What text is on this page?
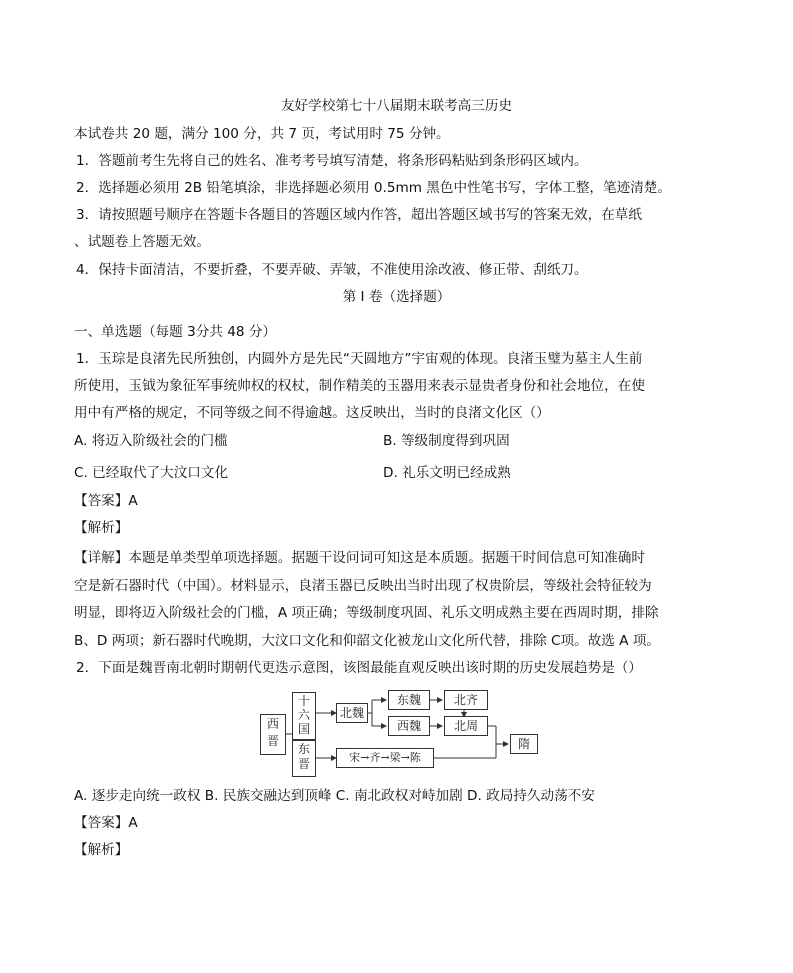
友好学校第七十八届期末联考高三历史
本试卷共 20 题，满分 100 分，共 7 页，考试用时 75 分钟。
1．答题前考生先将自己的姓名、准考考号填写清楚，将条形码粘贴到条形码区域内。
2．选择题必须用 2B 铅笔填涂，非选择题必须用 0.5mm 黑色中性笔书写，字体工整，笔迹清楚。
3．请按照题号顺序在答题卡各题目的答题区域内作答，超出答题区域书写的答案无效，在草纸
、试题卷上答题无效。
4．保持卡面清洁，不要折叠，不要弄破、弄皱，不准使用涂改液、修正带、刮纸刀。
第 I 卷（选择题）
一、单选题（每题 3分共 48 分）
1．玉琮是良渚先民所独创，内圆外方是先民“天圆地方”宇宙观的体现。良渚玉璧为墓主人生前
所使用，玉钺为象征军事统帅权的权杖，制作精美的玉器用来表示显贵者身份和社会地位，在使
用中有严格的规定，不同等级之间不得逾越。这反映出，当时的良渚文化区（）
A. 将迈入阶级社会的门槛	B. 等级制度得到巩固
C. 已经取代了大汶口文化	D. 礼乐文明已经成熟
【答案】A
【解析】
【详解】本题是单类型单项选择题。据题干设问词可知这是本质题。据题干时间信息可知准确时
空是新石器时代（中国）。材料显示，良渚玉器已反映出当时出现了权贵阶层，等级社会特征较为
明显，即将迈入阶级社会的门槛，A 项正确；等级制度巩固、礼乐文明成熟主要在西周时期，排除
B、D 两项；新石器时代晚期，大汶口文化和仰韶文化被龙山文化所代替，排除 C项。故选 A 项。
2．下面是魏晋南北朝时期朝代更迭示意图，该图最能直观反映出该时期的历史发展趋势是（）
西晋
十六国
东晋
北魏
东魏
西魏
北齐
北周
宋→齐→梁→陈
隋
A. 逐步走向统一政权 B. 民族交融达到顶峰 C. 南北政权对峙加剧 D. 政局持久动荡不安
【答案】A
【解析】
